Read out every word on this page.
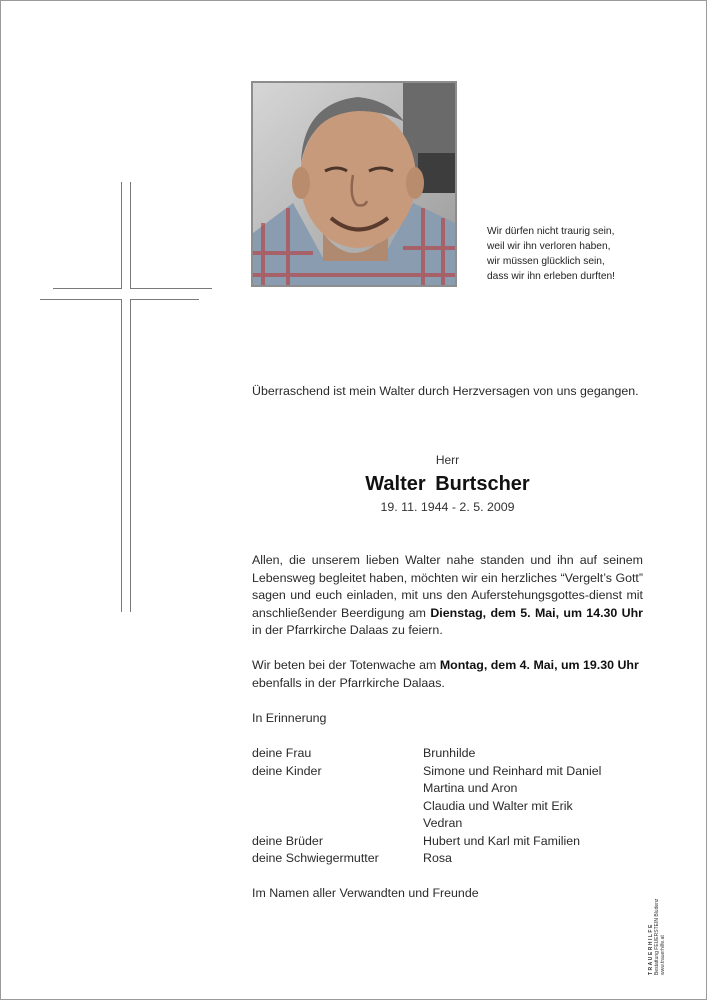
Wir dürfen nicht traurig sein,
weil wir ihn verloren haben,
wir müssen glücklich sein,
dass wir ihn erleben durften!
Überraschend ist mein Walter durch Herzversagen von uns gegangen.
Herr
Walter Burtscher
19. 11. 1944 - 2. 5. 2009
Allen, die unserem lieben Walter nahe standen und ihn auf seinem Lebensweg begleitet haben, möchten wir ein herzliches “Vergelt’s Gott” sagen und euch einladen, mit uns den Auferstehungsgottes-dienst mit anschließender Beerdigung am Dienstag, dem 5. Mai, um 14.30 Uhr in der Pfarrkirche Dalaas zu feiern.
Wir beten bei der Totenwache am Montag, dem 4. Mai, um 19.30 Uhr ebenfalls in der Pfarrkirche Dalaas.
In Erinnerung
deine Frau	Brunhilde
deine Kinder	Simone und Reinhard mit Daniel
Martina und Aron
Claudia und Walter mit Erik
Vedran
deine Brüder	Hubert und Karl mit Familien
deine Schwiegermutter	Rosa
Im Namen aller Verwandten und Freunde
TRAUERHILFE Bestattung FEUERSTEIN Bludenz www.trauerhilfe.at
